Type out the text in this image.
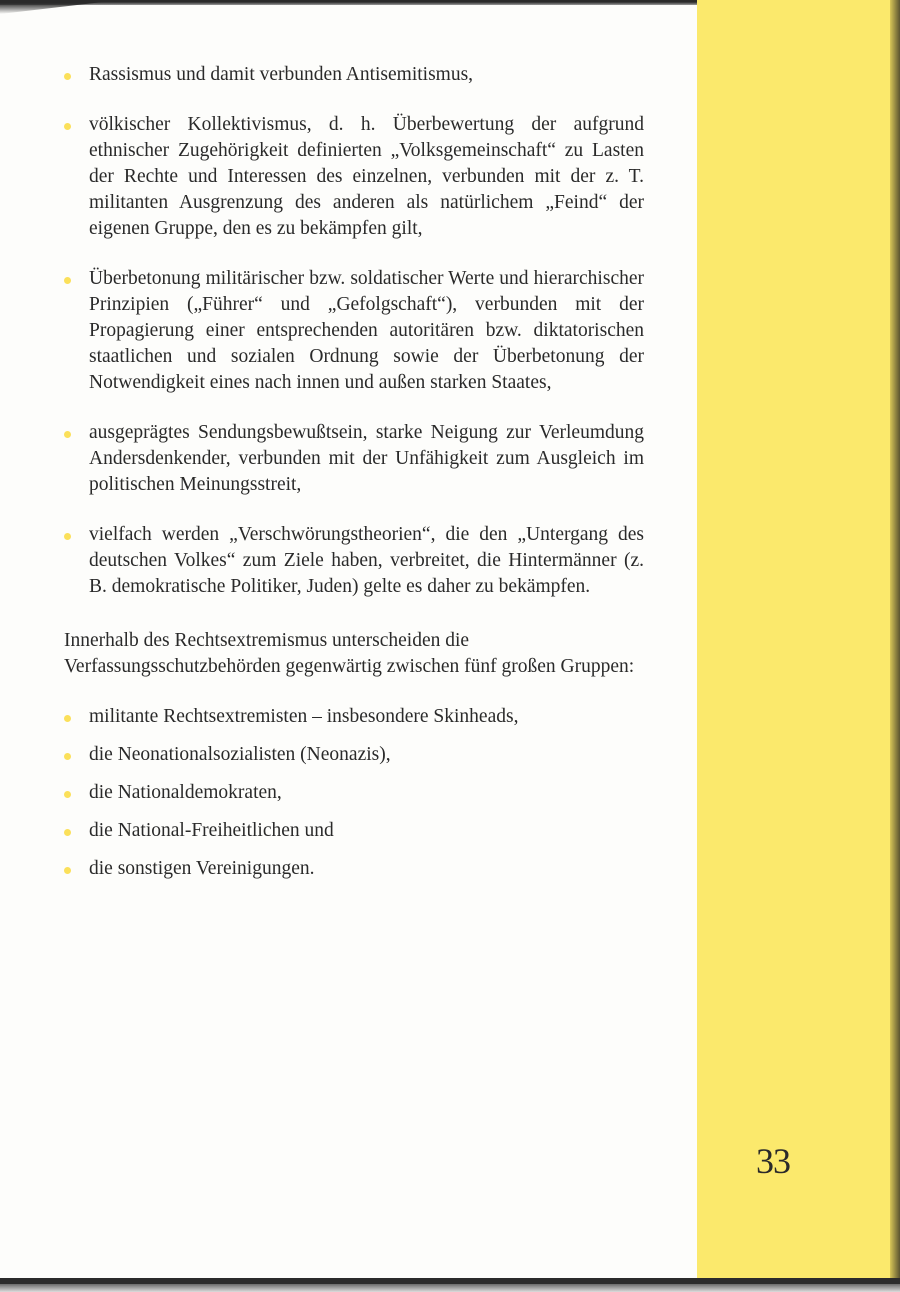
Rassismus und damit verbunden Antisemitismus,
völkischer Kollektivismus, d. h. Überbewertung der aufgrund ethnischer Zugehörigkeit definierten „Volksgemeinschaft“ zu Lasten der Rechte und Interessen des einzelnen, verbunden mit der z. T. militanten Ausgrenzung des anderen als natürlichem „Feind“ der eigenen Gruppe, den es zu bekämpfen gilt,
Überbetonung militärischer bzw. soldatischer Werte und hierarchischer Prinzipien („Führer“ und „Gefolgschaft“), verbunden mit der Propagierung einer entsprechenden autoritären bzw. diktatorischen staatlichen und sozialen Ordnung sowie der Überbetonung der Notwendigkeit eines nach innen und außen starken Staates,
ausgeprägtes Sendungsbewußtsein, starke Neigung zur Verleumdung Andersdenkender, verbunden mit der Unfähigkeit zum Ausgleich im politischen Meinungsstreit,
vielfach werden „Verschwörungstheorien“, die den „Untergang des deutschen Volkes“ zum Ziele haben, verbreitet, die Hintermänner (z. B. demokratische Politiker, Juden) gelte es daher zu bekämpfen.

Innerhalb des Rechtsextremismus unterscheiden die Verfassungsschutzbehörden gegenwärtig zwischen fünf großen Gruppen:

militante Rechtsextremisten – insbesondere Skinheads,
die Neonationalsozialisten (Neonazis),
die Nationaldemokraten,
die National-Freiheitlichen und
die sonstigen Vereinigungen.
33
